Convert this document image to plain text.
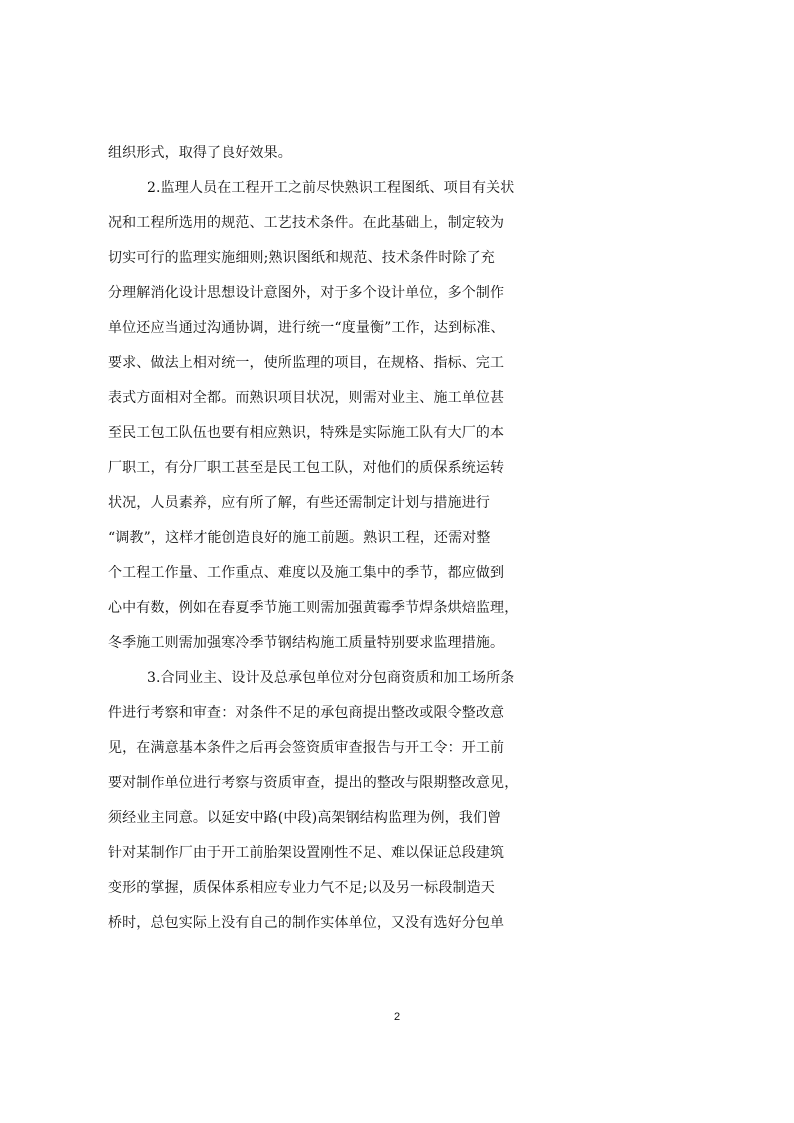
组织形式，取得了良好效果。
2.监理人员在工程开工之前尽快熟识工程图纸、项目有关状
况和工程所选用的规范、工艺技术条件。在此基础上，制定较为
切实可行的监理实施细则;熟识图纸和规范、技术条件时除了充
分理解消化设计思想设计意图外，对于多个设计单位，多个制作
单位还应当通过沟通协调，进行统一“度量衡”工作，达到标准、
要求、做法上相对统一，使所监理的项目，在规格、指标、完工
表式方面相对全都。而熟识项目状况，则需对业主、施工单位甚
至民工包工队伍也要有相应熟识，特殊是实际施工队有大厂的本
厂职工，有分厂职工甚至是民工包工队，对他们的质保系统运转
状况，人员素养，应有所了解，有些还需制定计划与措施进行
“调教”，这样才能创造良好的施工前题。熟识工程，还需对整
个工程工作量、工作重点、难度以及施工集中的季节，都应做到
心中有数，例如在春夏季节施工则需加强黄霉季节焊条烘焙监理，
冬季施工则需加强寒冷季节钢结构施工质量特别要求监理措施。
3.合同业主、设计及总承包单位对分包商资质和加工场所条
件进行考察和审查：对条件不足的承包商提出整改或限令整改意
见，在满意基本条件之后再会签资质审查报告与开工令：开工前
要对制作单位进行考察与资质审查，提出的整改与限期整改意见，
须经业主同意。以延安中路(中段)高架钢结构监理为例，我们曾
针对某制作厂由于开工前胎架设置刚性不足、难以保证总段建筑
变形的掌握，质保体系相应专业力气不足;以及另一标段制造天
桥时，总包实际上没有自己的制作实体单位，又没有选好分包单
2
